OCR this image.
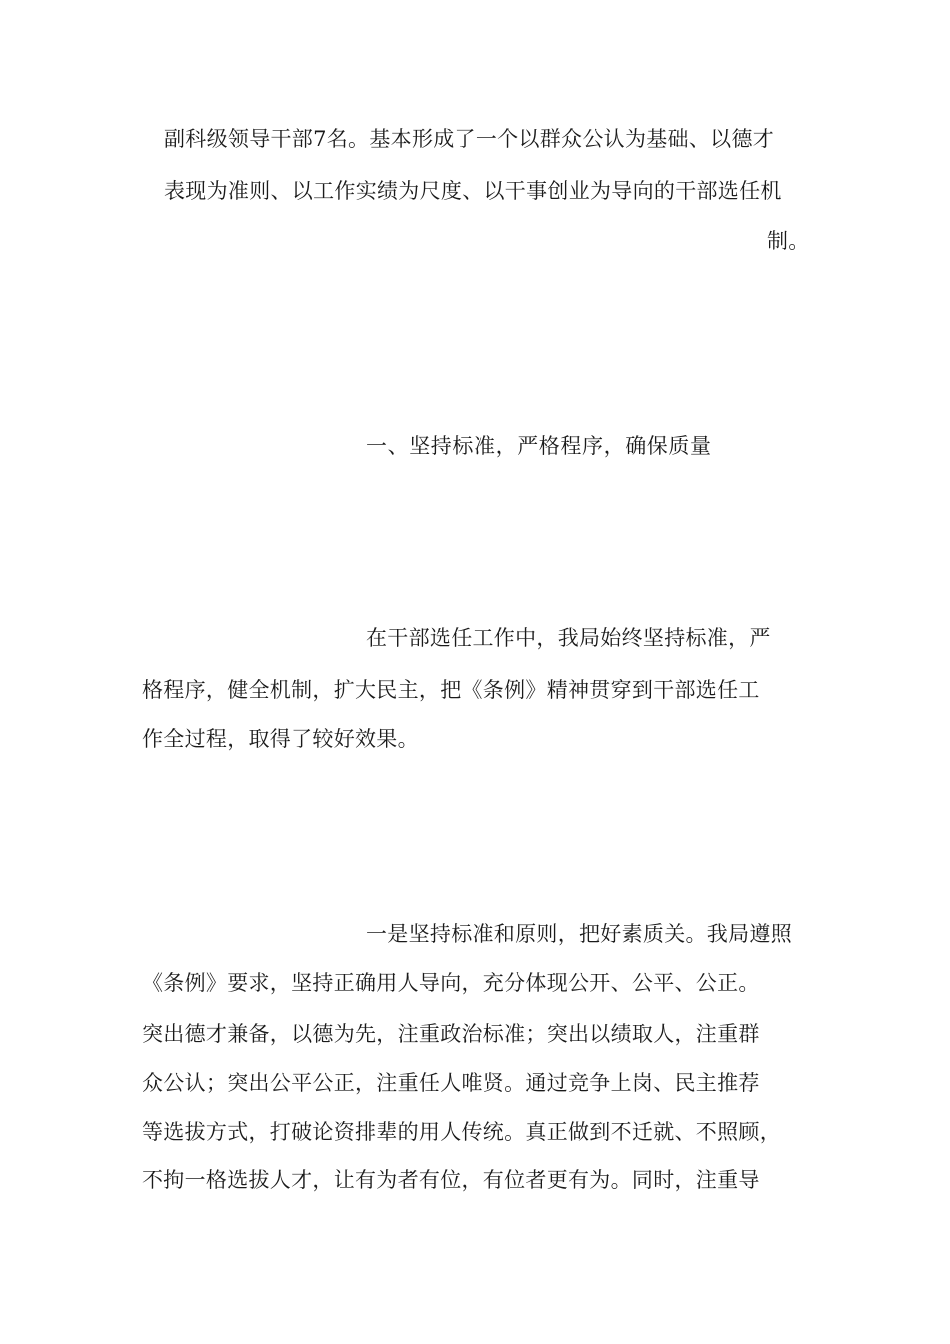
副科级领导干部7名。基本形成了一个以群众公认为基础、以德才
表现为准则、以工作实绩为尺度、以干事创业为导向的干部选任机
制。
一、坚持标准，严格程序，确保质量
在干部选任工作中，我局始终坚持标准，严
格程序，健全机制，扩大民主，把《条例》精神贯穿到干部选任工
作全过程，取得了较好效果。
一是坚持标准和原则，把好素质关。我局遵照
《条例》要求，坚持正确用人导向，充分体现公开、公平、公正。
突出德才兼备，以德为先，注重政治标准；突出以绩取人，注重群
众公认；突出公平公正，注重任人唯贤。通过竞争上岗、民主推荐
等选拔方式，打破论资排辈的用人传统。真正做到不迁就、不照顾，
不拘一格选拔人才，让有为者有位，有位者更有为。同时，注重导
